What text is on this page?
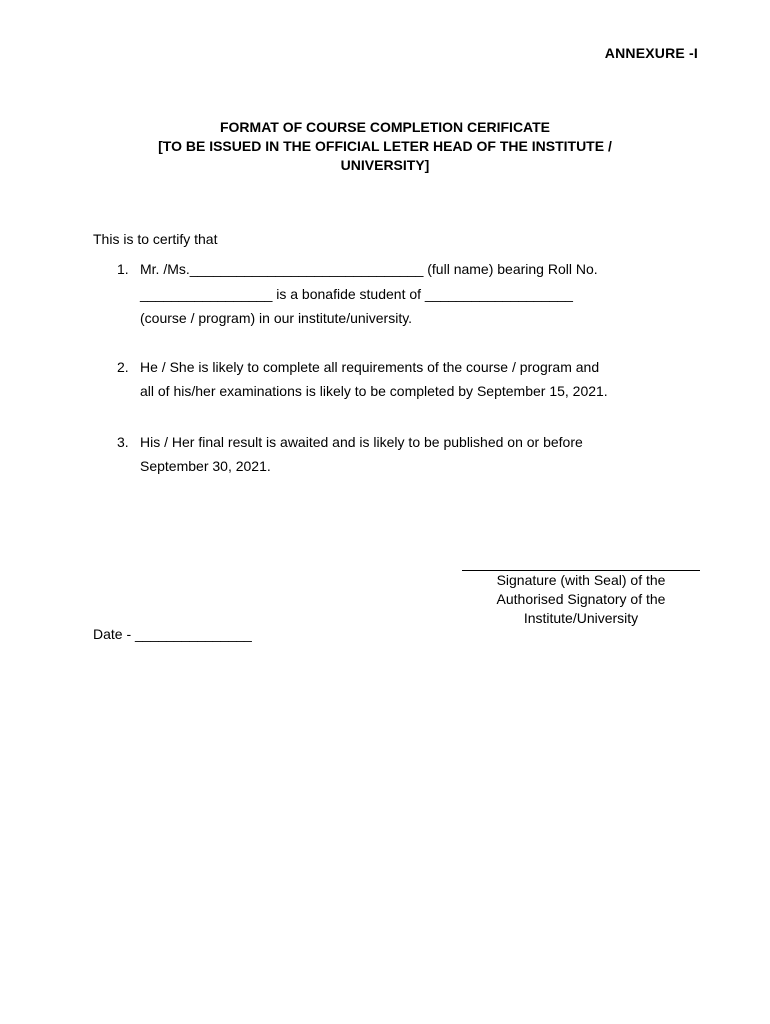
ANNEXURE -I
FORMAT OF COURSE COMPLETION CERIFICATE
[TO BE ISSUED IN THE OFFICIAL LETER HEAD OF THE INSTITUTE /
UNIVERSITY]
This is to certify that
1. Mr. /Ms.______________________________ (full name) bearing Roll No.
_________________ is a bonafide student of ___________________
(course / program) in our institute/university.
2. He / She is likely to complete all requirements of the course / program and
all of his/her examinations is likely to be completed by September 15, 2021.
3. His / Her final result is awaited and is likely to be published on or before
September 30, 2021.
Signature (with Seal) of the
Authorised Signatory of the
Institute/University
Date - _______________
